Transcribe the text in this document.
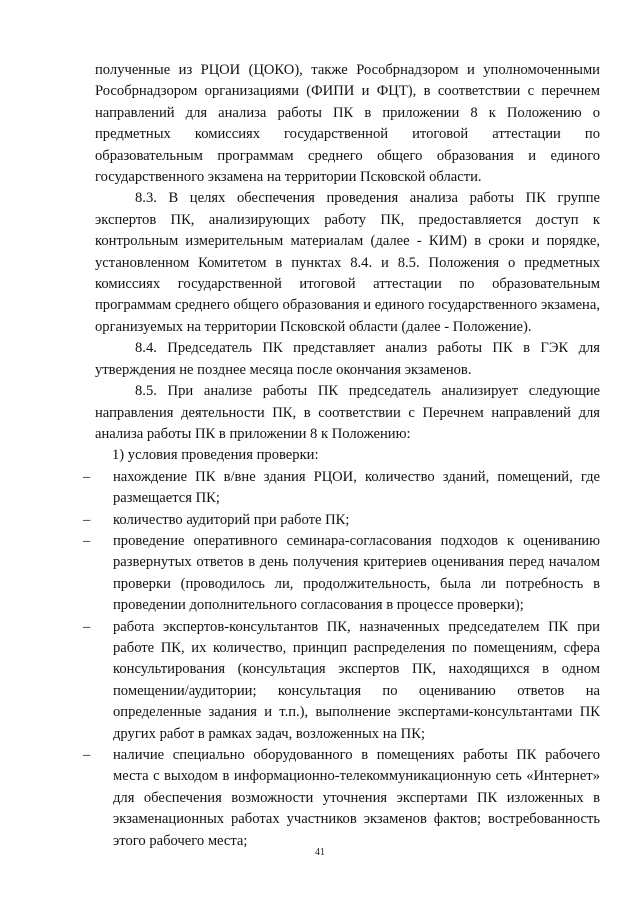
полученные из РЦОИ (ЦОКО), также Рособрнадзором и уполномоченными Рособрнадзором организациями (ФИПИ и ФЦТ), в соответствии с перечнем направлений для анализа работы ПК в приложении 8 к Положению о предметных комиссиях государственной итоговой аттестации по образовательным программам среднего общего образования и единого государственного экзамена на территории Псковской области.

8.3. В целях обеспечения проведения анализа работы ПК группе экспертов ПК, анализирующих работу ПК, предоставляется доступ к контрольным измерительным материалам (далее - КИМ) в сроки и порядке, установленном Комитетом в пунктах 8.4. и 8.5. Положения о предметных комиссиях государственной итоговой аттестации по образовательным программам среднего общего образования и единого государственного экзамена, организуемых на территории Псковской области (далее - Положение).

8.4. Председатель ПК представляет анализ работы ПК в ГЭК для утверждения не позднее месяца после окончания экзаменов.

8.5. При анализе работы ПК председатель анализирует следующие направления деятельности ПК, в соответствии с Перечнем направлений для анализа работы ПК в приложении 8 к Положению:

1) условия проведения проверки:

–	нахождение ПК в/вне здания РЦОИ, количество зданий, помещений, где размещается ПК;
–	количество аудиторий при работе ПК;
–	проведение оперативного семинара-согласования подходов к оцениванию развернутых ответов в день получения критериев оценивания перед началом проверки (проводилось ли, продолжительность, была ли потребность в проведении дополнительного согласования в процессе проверки);
–	работа экспертов-консультантов ПК, назначенных председателем ПК при работе ПК, их количество, принцип распределения по помещениям, сфера консультирования (консультация экспертов ПК, находящихся в одном помещении/аудитории; консультация по оцениванию ответов на определенные задания и т.п.), выполнение экспертами-консультантами ПК других работ в рамках задач, возложенных на ПК;
–	наличие специально оборудованного в помещениях работы ПК рабочего места с выходом в информационно-телекоммуникационную сеть «Интернет» для обеспечения возможности уточнения экспертами ПК изложенных в экзаменационных работах участников экзаменов фактов; востребованность этого рабочего места;
41
